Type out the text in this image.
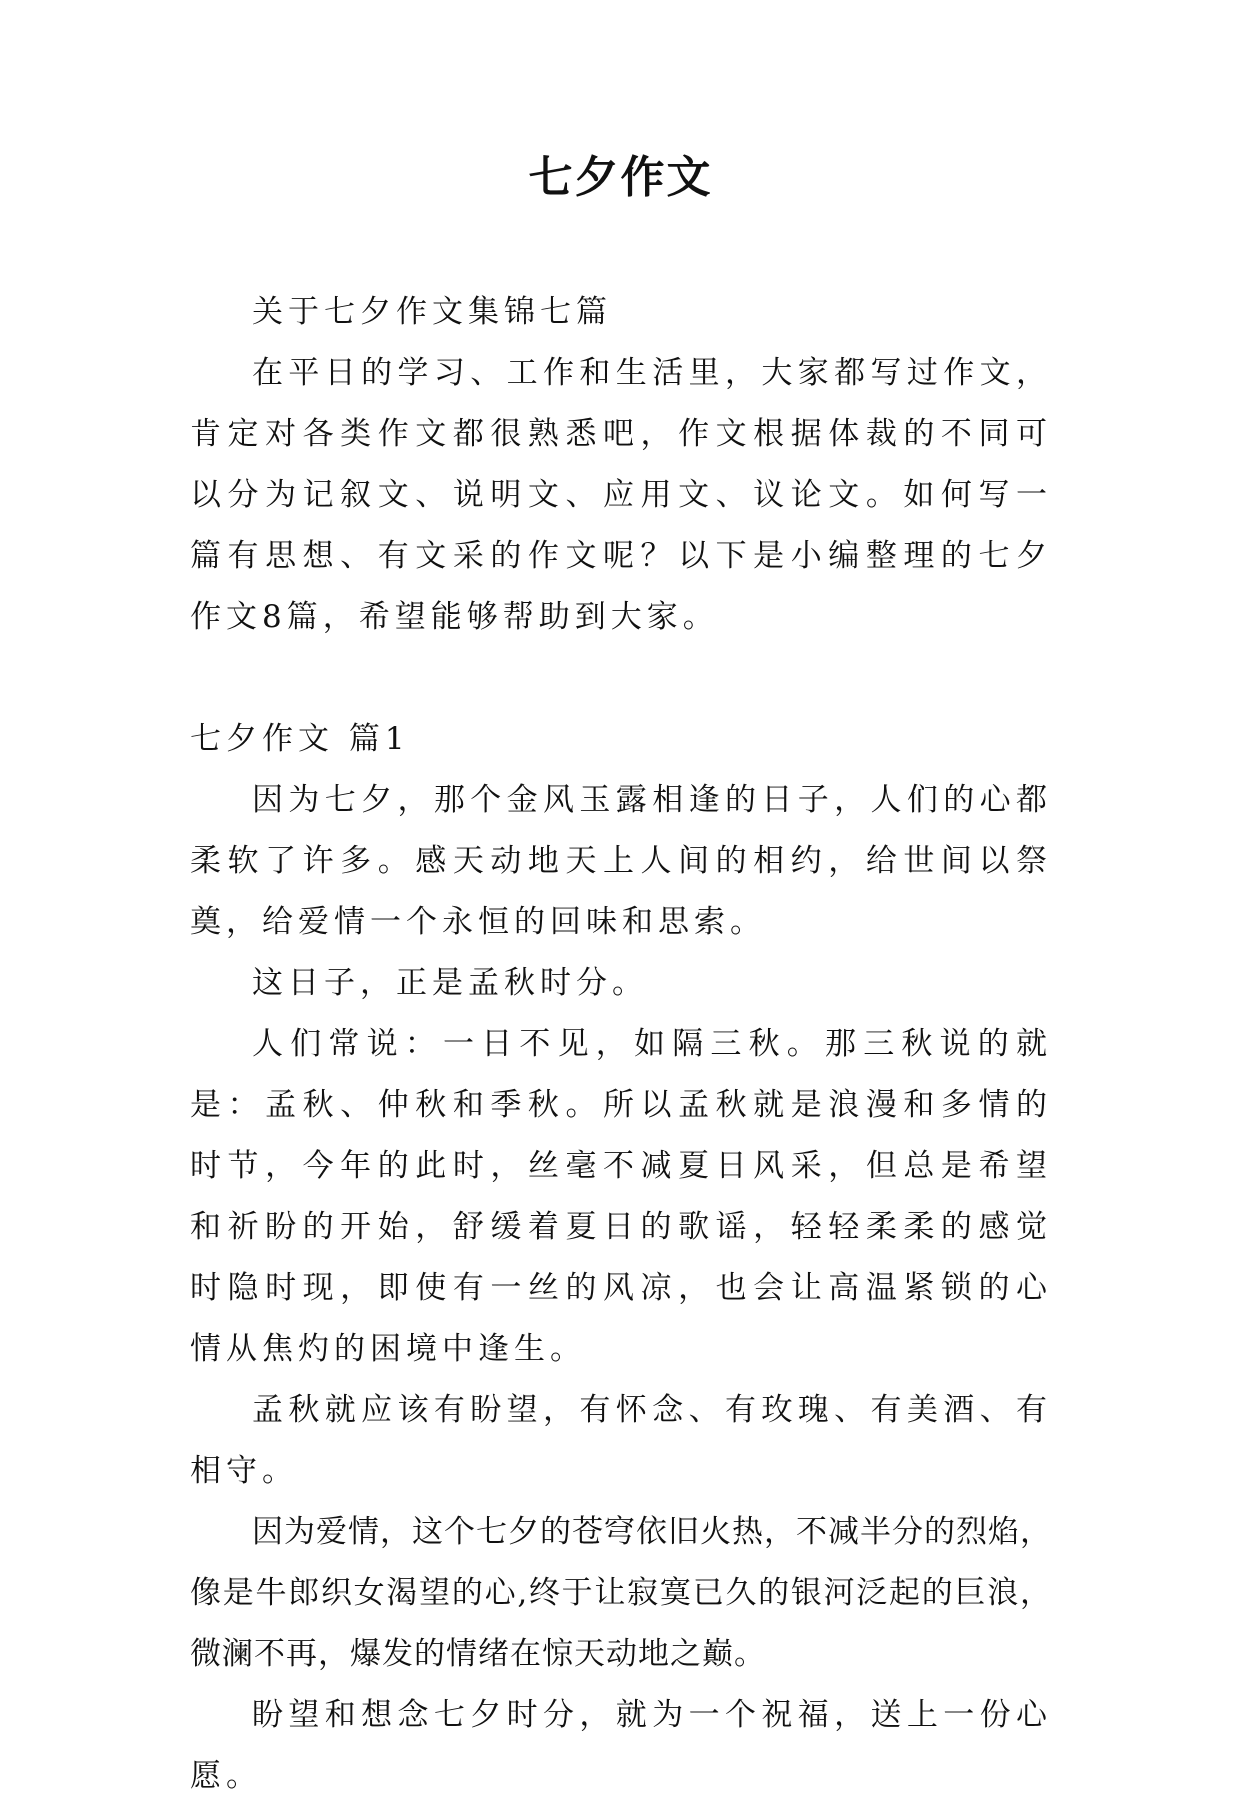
七夕作文

关于七夕作文集锦七篇

在平日的学习、工作和生活里，大家都写过作文，肯定对各类作文都很熟悉吧，作文根据体裁的不同可以分为记叙文、说明文、应用文、议论文。如何写一篇有思想、有文采的作文呢？以下是小编整理的七夕作文8篇，希望能够帮助到大家。

七夕作文 篇1

因为七夕，那个金风玉露相逢的日子，人们的心都柔软了许多。感天动地天上人间的相约，给世间以祭奠，给爱情一个永恒的回味和思索。

这日子，正是孟秋时分。

人们常说：一日不见，如隔三秋。那三秋说的就是：孟秋、仲秋和季秋。所以孟秋就是浪漫和多情的时节，今年的此时，丝毫不减夏日风采，但总是希望和祈盼的开始，舒缓着夏日的歌谣，轻轻柔柔的感觉时隐时现，即使有一丝的风凉，也会让高温紧锁的心情从焦灼的困境中逢生。

孟秋就应该有盼望，有怀念、有玫瑰、有美酒、有相守。

因为爱情，这个七夕的苍穹依旧火热，不减半分的烈焰，像是牛郎织女渴望的心,终于让寂寞已久的银河泛起的巨浪，微澜不再，爆发的情绪在惊天动地之巅。

盼望和想念七夕时分，就为一个祝福，送上一份心愿。
